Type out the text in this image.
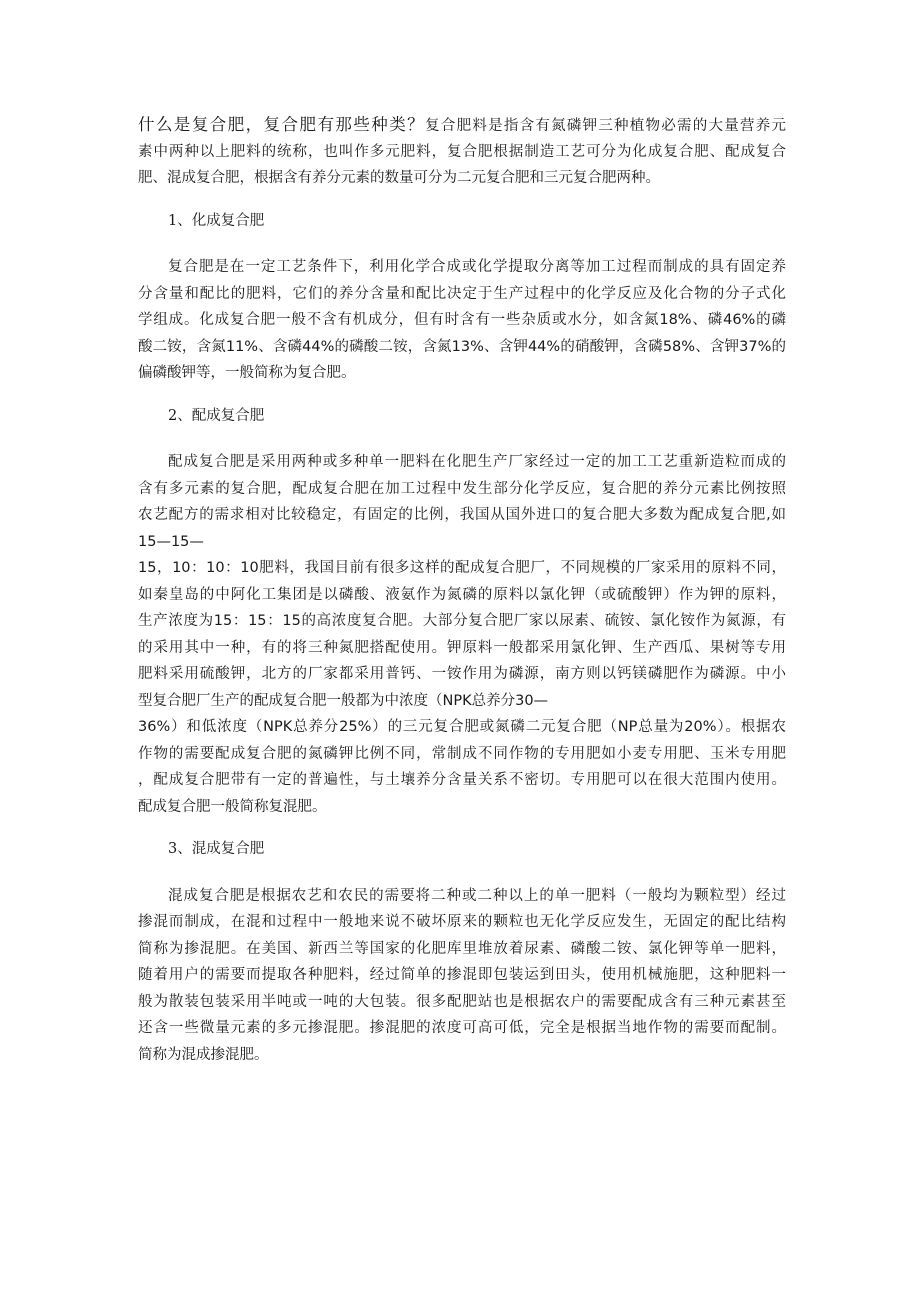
什么是复合肥，复合肥有那些种类？复合肥料是指含有氮磷钾三种植物必需的大量营养元
素中两种以上肥料的统称，也叫作多元肥料，复合肥根据制造工艺可分为化成复合肥、配成复合
肥、混成复合肥，根据含有养分元素的数量可分为二元复合肥和三元复合肥两种。

1、化成复合肥

复合肥是在一定工艺条件下，利用化学合成或化学提取分离等加工过程而制成的具有固定养
分含量和配比的肥料，它们的养分含量和配比决定于生产过程中的化学反应及化合物的分子式化
学组成。化成复合肥一般不含有机成分，但有时含有一些杂质或水分，如含氮18%、磷46%的磷
酸二铵，含氮11%、含磷44%的磷酸二铵，含氮13%、含钾44%的硝酸钾，含磷58%、含钾37%的
偏磷酸钾等，一般简称为复合肥。

2、配成复合肥

配成复合肥是采用两种或多种单一肥料在化肥生产厂家经过一定的加工工艺重新造粒而成的
含有多元素的复合肥，配成复合肥在加工过程中发生部分化学反应，复合肥的养分元素比例按照
农艺配方的需求相对比较稳定，有固定的比例，我国从国外进口的复合肥大多数为配成复合肥,如
15—15—
15，10：10：10肥料，我国目前有很多这样的配成复合肥厂，不同规模的厂家采用的原料不同，
如秦皇岛的中阿化工集团是以磷酸、液氨作为氮磷的原料以氯化钾（或硫酸钾）作为钾的原料，
生产浓度为15：15：15的高浓度复合肥。大部分复合肥厂家以尿素、硫铵、氯化铵作为氮源，有
的采用其中一种，有的将三种氮肥搭配使用。钾原料一般都采用氯化钾、生产西瓜、果树等专用
肥料采用硫酸钾，北方的厂家都采用普钙、一铵作用为磷源，南方则以钙镁磷肥作为磷源。中小
型复合肥厂生产的配成复合肥一般都为中浓度（NPK总养分30—
36%）和低浓度（NPK总养分25%）的三元复合肥或氮磷二元复合肥（NP总量为20%）。根据农
作物的需要配成复合肥的氮磷钾比例不同，常制成不同作物的专用肥如小麦专用肥、玉米专用肥
，配成复合肥带有一定的普遍性，与土壤养分含量关系不密切。专用肥可以在很大范围内使用。
配成复合肥一般简称复混肥。

3、混成复合肥

混成复合肥是根据农艺和农民的需要将二种或二种以上的单一肥料（一般均为颗粒型）经过
掺混而制成，在混和过程中一般地来说不破坏原来的颗粒也无化学反应发生，无固定的配比结构
简称为掺混肥。在美国、新西兰等国家的化肥库里堆放着尿素、磷酸二铵、氯化钾等单一肥料，
随着用户的需要而提取各种肥料，经过简单的掺混即包装运到田头，使用机械施肥，这种肥料一
般为散装包装采用半吨或一吨的大包装。很多配肥站也是根据农户的需要配成含有三种元素甚至
还含一些微量元素的多元掺混肥。掺混肥的浓度可高可低，完全是根据当地作物的需要而配制。
简称为混成掺混肥。
